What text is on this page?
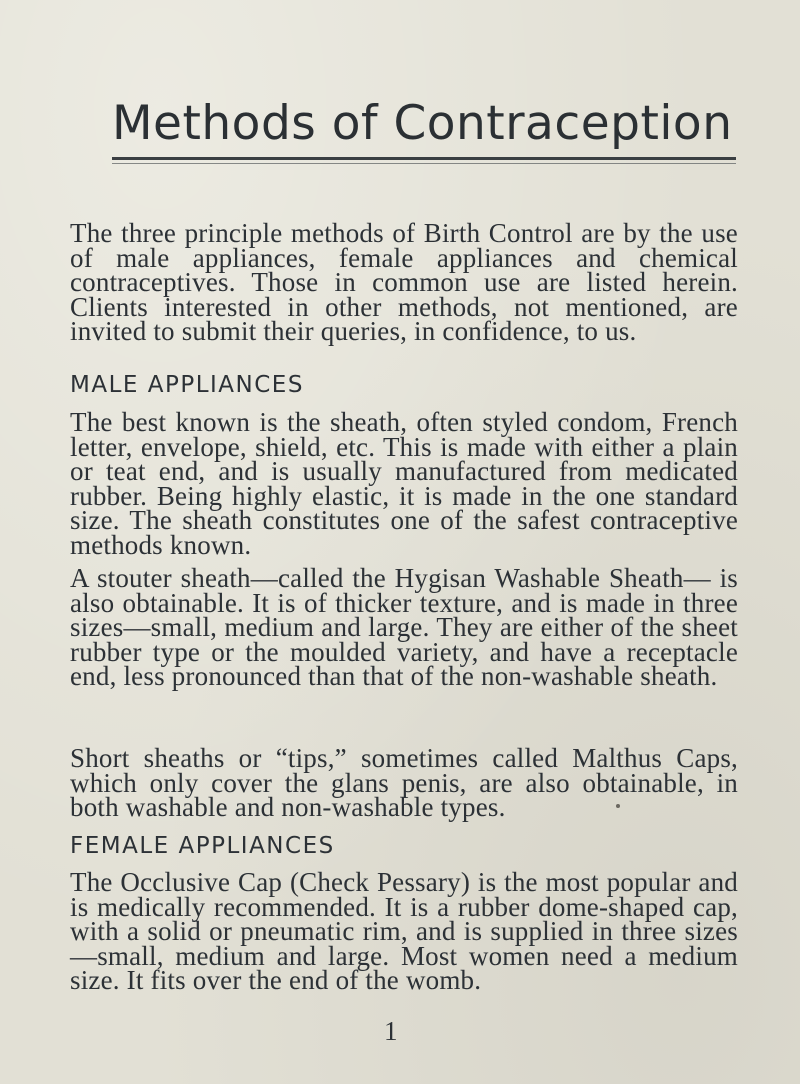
Methods of Contraception

The three principle methods of Birth Control are by the use of male appliances, female appliances and chemical contraceptives. Those in common use are listed herein. Clients interested in other methods, not mentioned, are invited to submit their queries, in confidence, to us.

MALE APPLIANCES

The best known is the sheath, often styled condom, French letter, envelope, shield, etc. This is made with either a plain or teat end, and is usually manufactured from medicated rubber. Being highly elastic, it is made in the one standard size. The sheath constitutes one of the safest contraceptive methods known.

A stouter sheath—called the Hygisan Washable Sheath— is also obtainable. It is of thicker texture, and is made in three sizes—small, medium and large. They are either of the sheet rubber type or the moulded variety, and have a receptacle end, less pronounced than that of the non-washable sheath.

Short sheaths or “tips,” sometimes called Malthus Caps, which only cover the glans penis, are also obtainable, in both washable and non-washable types.

FEMALE APPLIANCES

The Occlusive Cap (Check Pessary) is the most popular and is medically recommended. It is a rubber dome-shaped cap, with a solid or pneumatic rim, and is supplied in three sizes—small, medium and large. Most women need a medium size. It fits over the end of the womb.

1
